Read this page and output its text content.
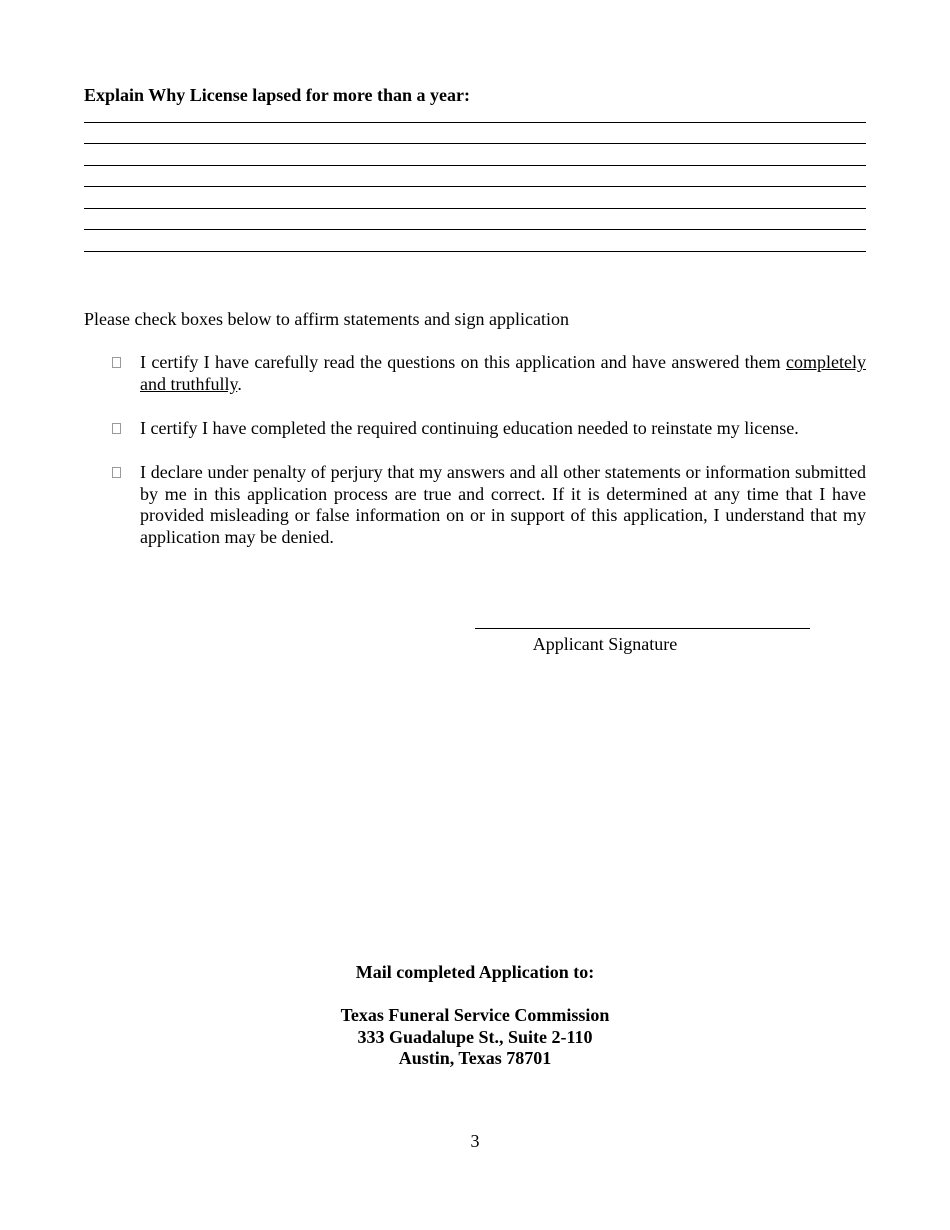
Explain Why License lapsed for more than a year:
Please check boxes below to affirm statements and sign application
I certify I have carefully read the questions on this application and have answered them completely and truthfully.
I certify I have completed the required continuing education needed to reinstate my license.
I declare under penalty of perjury that my answers and all other statements or information submitted by me in this application process are true and correct. If it is determined at any time that I have provided misleading or false information on or in support of this application, I understand that my application may be denied.
Applicant Signature
Mail completed Application to:
Texas Funeral Service Commission
333 Guadalupe St., Suite 2-110
Austin, Texas 78701
3
